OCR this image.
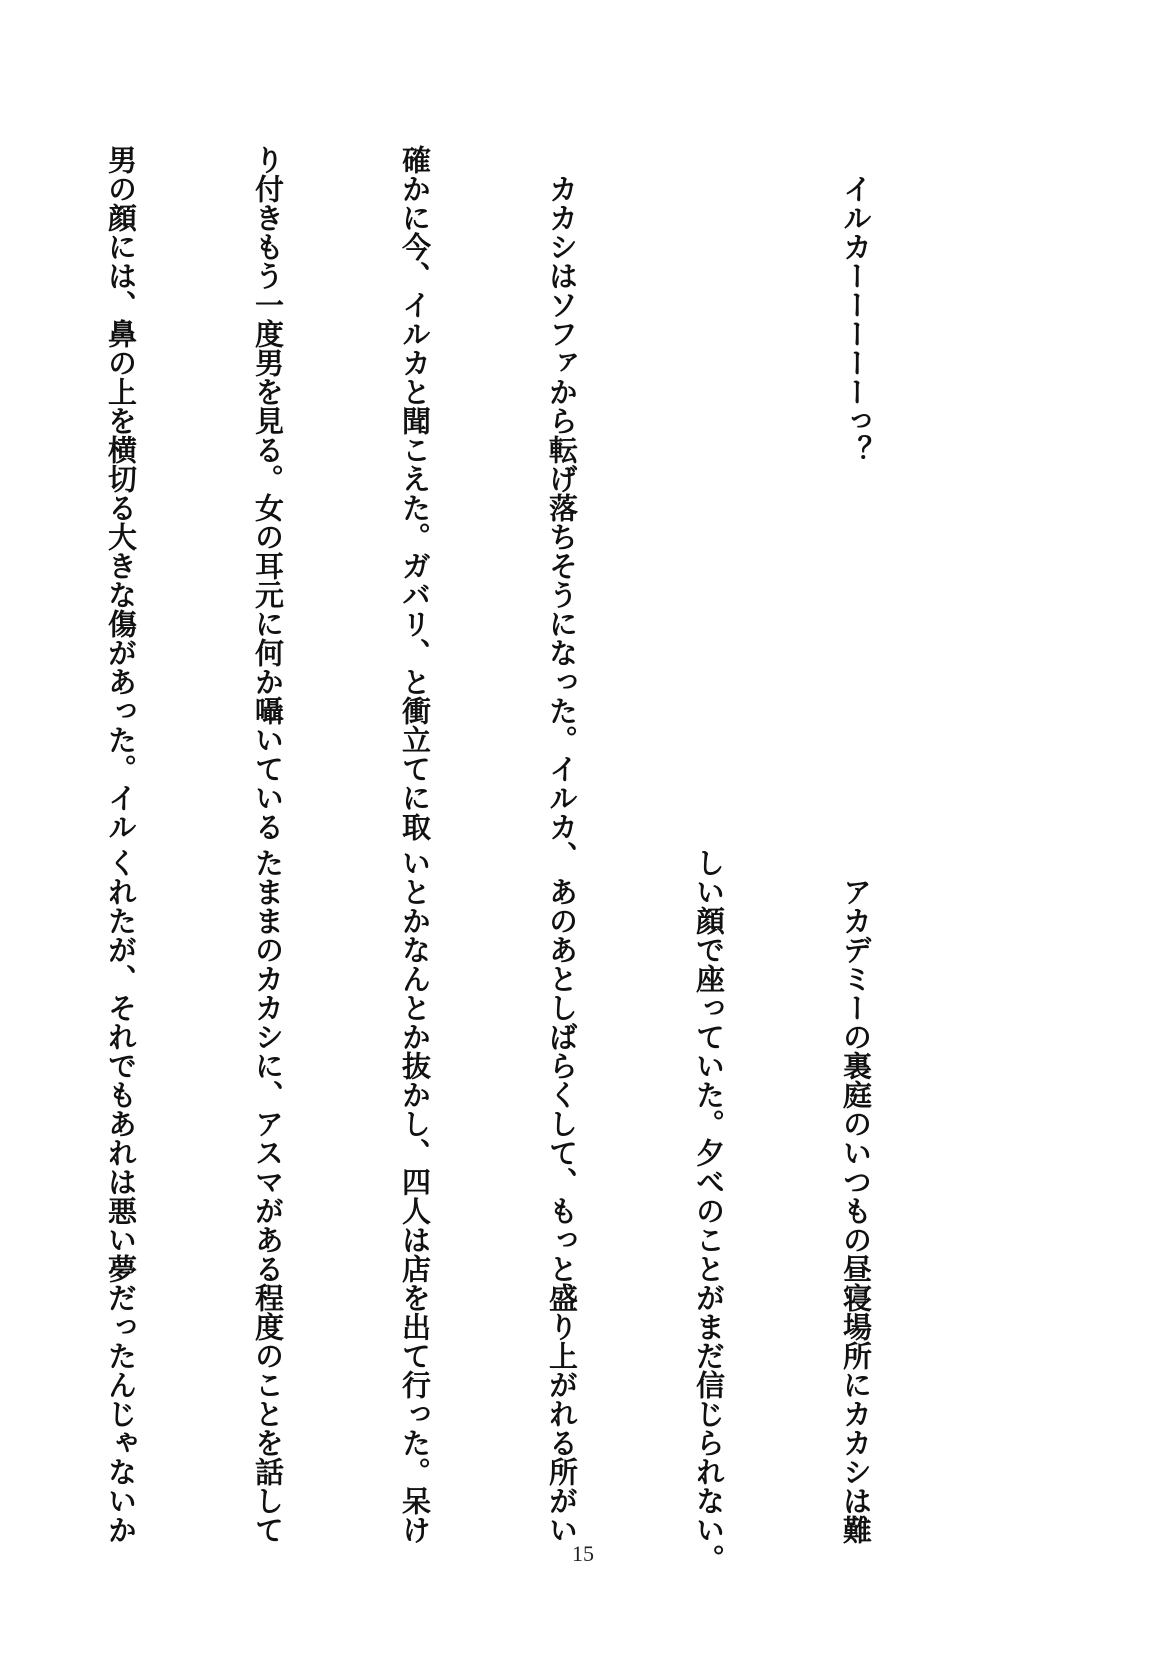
　イルカーーーーーっ？

　カカシはソファから転げ落ちそうになった。イルカ、

確かに今、イルカと聞こえた。ガバリ、と衝立てに取

り付きもう一度男を見る。女の耳元に何か囁いている

男の顔には、鼻の上を横切る大きな傷があった。イル

　アカデミーの裏庭のいつもの昼寝場所にカカシは難

しい顔で座っていた。夕べのことがまだ信じられない。

　あのあとしばらくして、もっと盛り上がれる所がい

いとかなんとか抜かし、四人は店を出て行った。呆け

たままのカカシに、アスマがある程度のことを話して

くれたが、それでもあれは悪い夢だったんじゃないか

15
